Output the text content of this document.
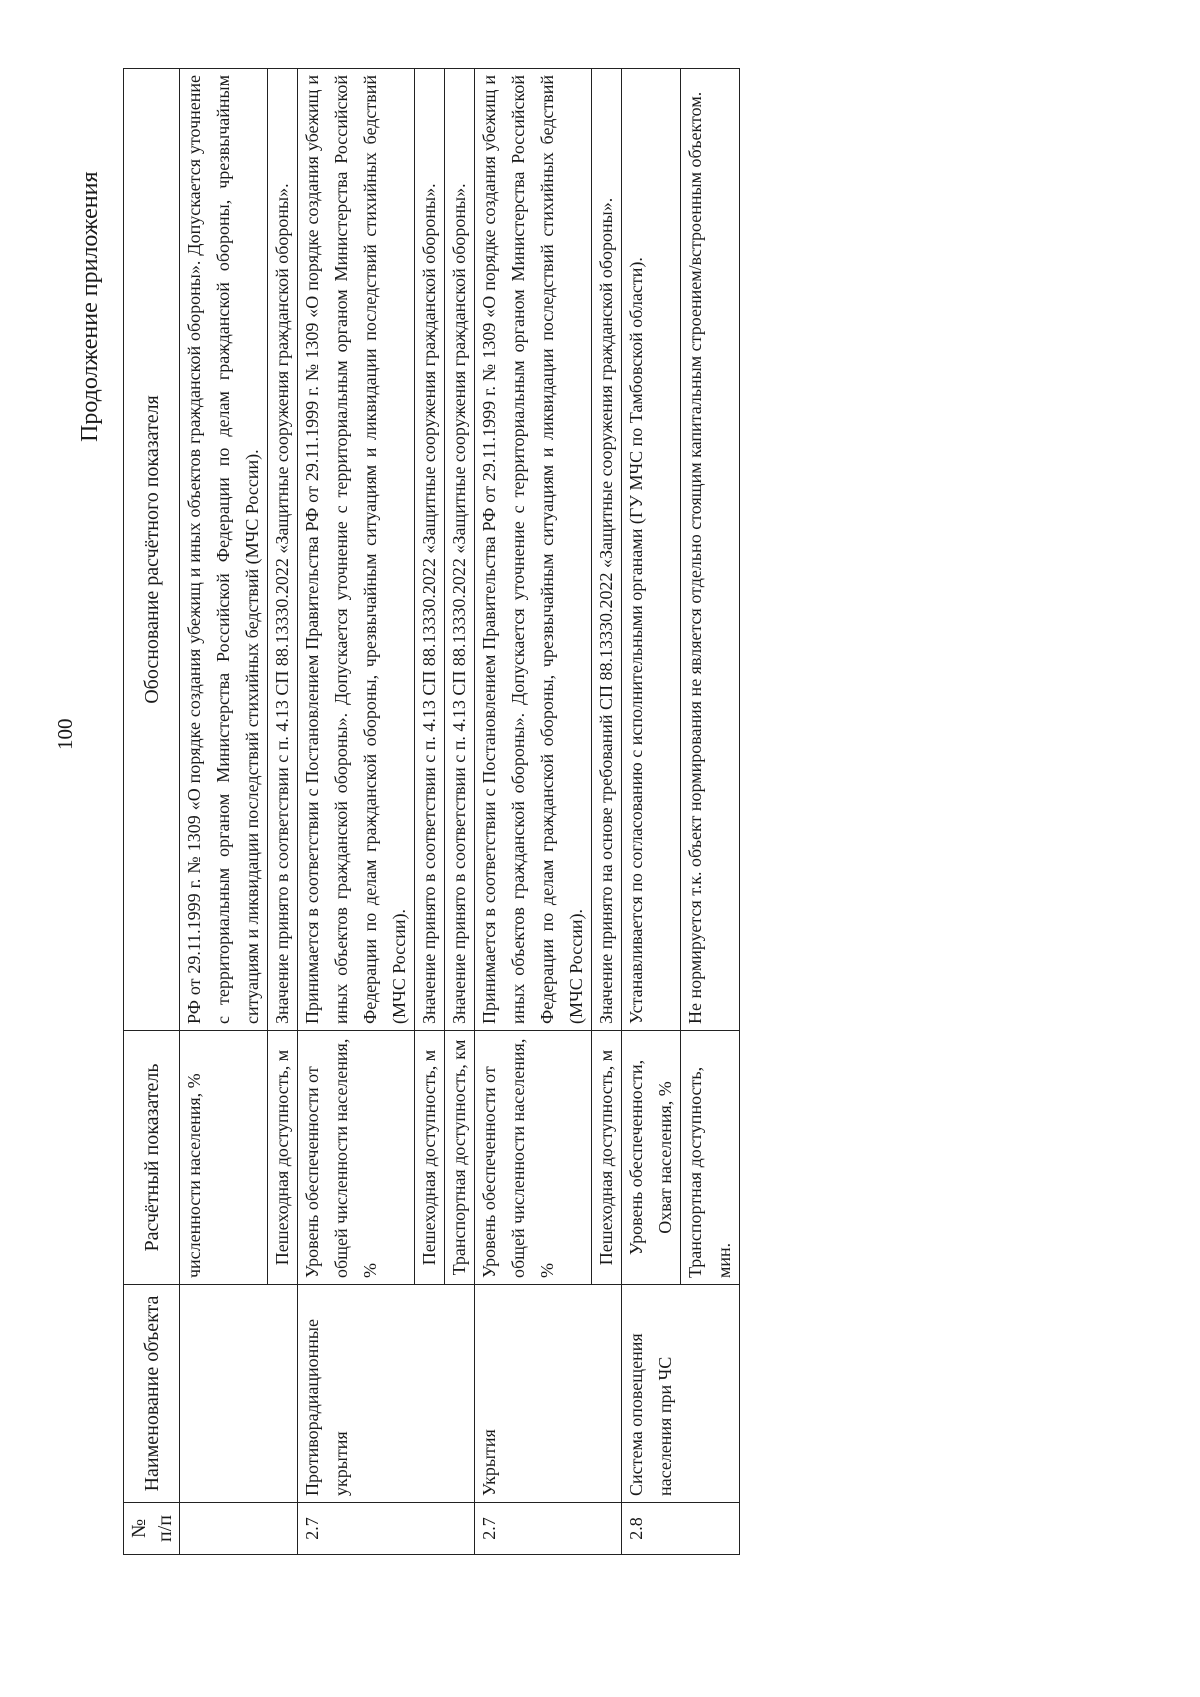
100
Продолжение приложения
№ п/п	Наименование объекта	Расчётный показатель	Обоснование расчётного показателя
		численности населения, %	РФ от 29.11.1999 г. № 1309 «О порядке создания убежищ и иных объектов гражданской обороны». Допускается уточнение с территориальным органом Министерства Российской Федерации по делам гражданской обороны, чрезвычайным ситуациям и ликвидации последствий стихийных бедствий (МЧС России).
		Пешеходная доступность, м	Значение принято в соответствии с п. 4.13 СП 88.13330.2022 «Защитные сооружения гражданской обороны».
2.7	Противорадиационные укрытия	Уровень обеспеченности от общей численности населения, %	Принимается в соответствии с Постановлением Правительства РФ от 29.11.1999 г. № 1309 «О порядке создания убежищ и иных объектов гражданской обороны». Допускается уточнение с территориальным органом Министерства Российской Федерации по делам гражданской обороны, чрезвычайным ситуациям и ликвидации последствий стихийных бедствий (МЧС России).
		Пешеходная доступность, м	Значение принято в соответствии с п. 4.13 СП 88.13330.2022 «Защитные сооружения гражданской обороны».
		Транспортная доступность, км	Значение принято в соответствии с п. 4.13 СП 88.13330.2022 «Защитные сооружения гражданской обороны».
2.7	Укрытия	Уровень обеспеченности от общей численности населения, %	Принимается в соответствии с Постановлением Правительства РФ от 29.11.1999 г. № 1309 «О порядке создания убежищ и иных объектов гражданской обороны». Допускается уточнение с территориальным органом Министерства Российской Федерации по делам гражданской обороны, чрезвычайным ситуациям и ликвидации последствий стихийных бедствий (МЧС России).
		Пешеходная доступность, м	Значение принято на основе требований СП 88.13330.2022 «Защитные сооружения гражданской обороны».
2.8	Система оповещения населения при ЧС	Уровень обеспеченности, Охват населения, %	Устанавливается по согласованию с исполнительными органами (ГУ МЧС по Тамбовской области).
		Транспортная доступность, мин.	Не нормируется т.к. объект нормирования не является отдельно стоящим капитальным строением/встроенным объектом.
